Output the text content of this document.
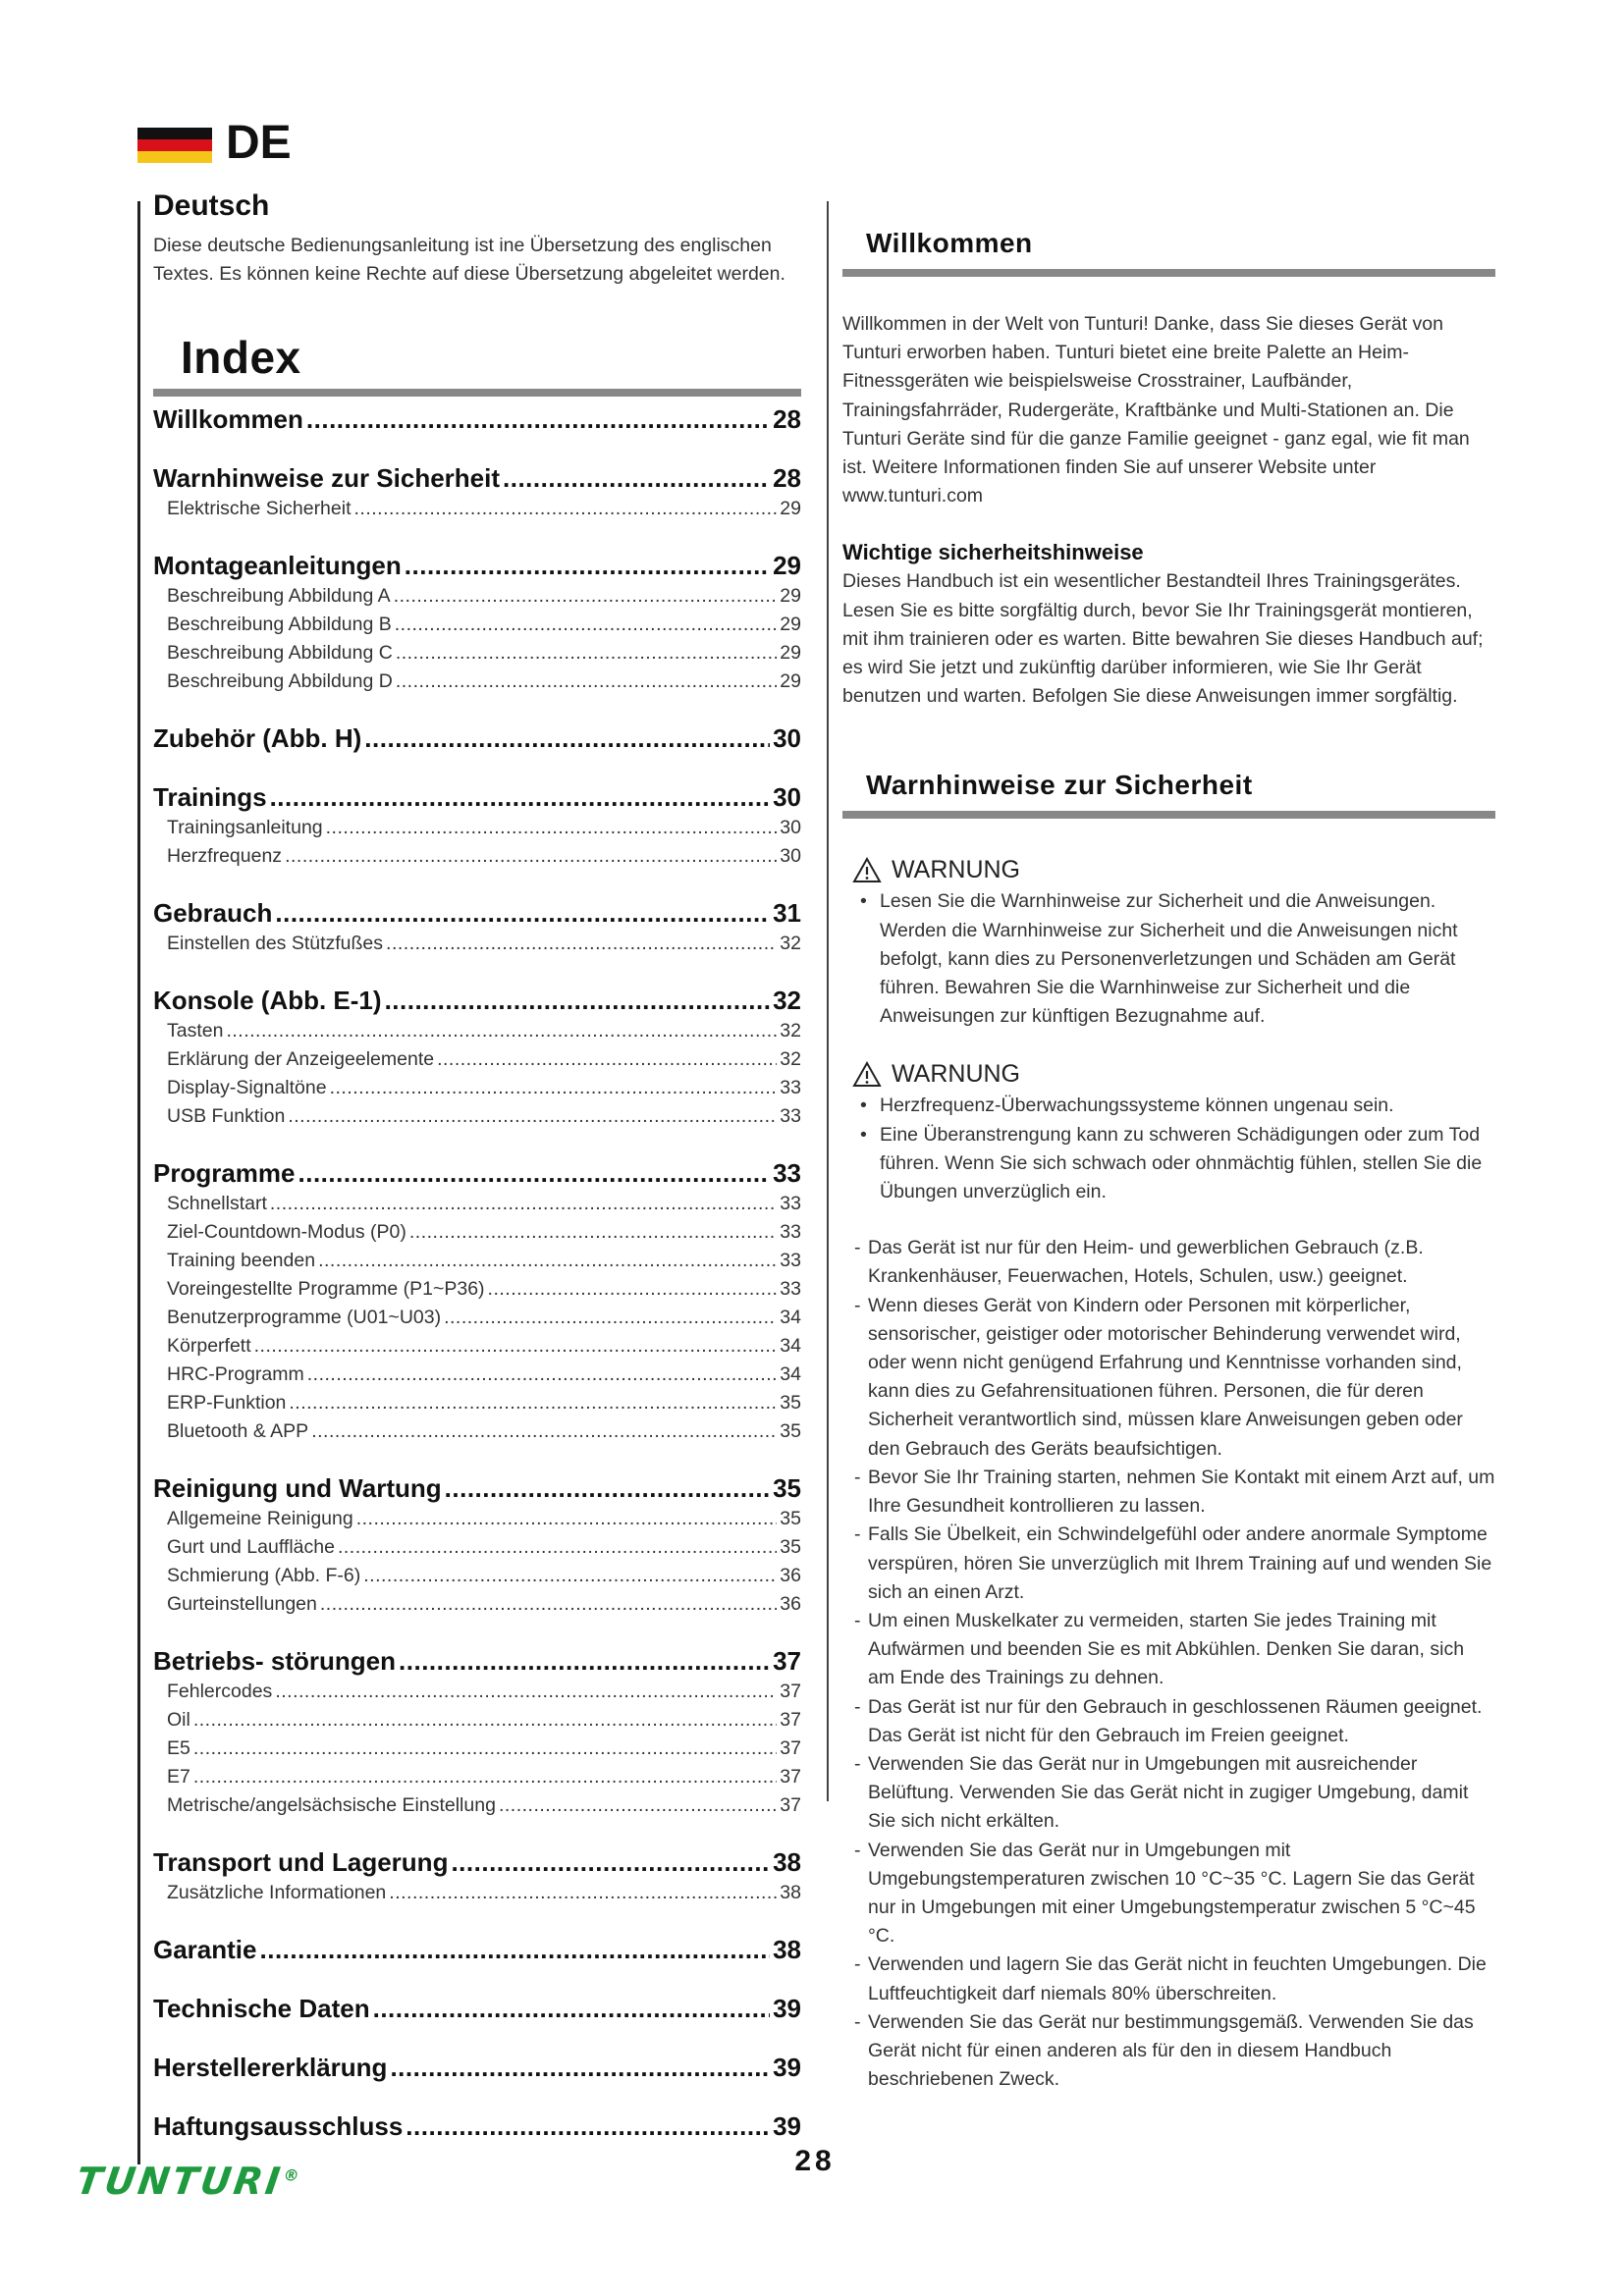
DE
Deutsch

Diese deutsche Bedienungsanleitung ist ine Übersetzung des englischen Textes. Es können keine Rechte auf diese Übersetzung abgeleitet werden.

Index
Willkommen .....	28
Warnhinweise zur Sicherheit .....	28
Elektrische Sicherheit .....	29
Montageanleitungen .....	29
Beschreibung Abbildung A .....	29
Beschreibung Abbildung B .....	29
Beschreibung Abbildung C .....	29
Beschreibung Abbildung D .....	29
Zubehör (Abb. H) .....	30
Trainings .....	30
Trainingsanleitung .....	30
Herzfrequenz .....	30
Gebrauch .....	31
Einstellen des Stützfußes .....	32
Konsole (Abb. E-1) .....	32
Tasten .....	32
Erklärung der Anzeigeelemente .....	32
Display-Signaltöne .....	33
USB Funktion .....	33
Programme .....	33
Schnellstart .....	33
Ziel-Countdown-Modus (P0) .....	33
Training beenden .....	33
Voreingestellte Programme (P1~P36) .....	33
Benutzerprogramme (U01~U03) .....	34
Körperfett .....	34
HRC-Programm .....	34
ERP-Funktion .....	35
Bluetooth & APP .....	35
Reinigung und Wartung .....	35
Allgemeine Reinigung .....	35
Gurt und Lauffläche .....	35
Schmierung (Abb. F-6) .....	36
Gurteinstellungen .....	36
Betriebs- störungen .....	37
Fehlercodes .....	37
Oil .....	37
E5 .....	37
E7 .....	37
Metrische/angelsächsische Einstellung .....	37
Transport und Lagerung .....	38
Zusätzliche Informationen .....	38
Garantie .....	38
Technische Daten .....	39
Herstellererklärung .....	39
Haftungsausschluss .....	39
Willkommen

Willkommen in der Welt von Tunturi! Danke, dass Sie dieses Gerät von Tunturi erworben haben. Tunturi bietet eine breite Palette an Heim-Fitnessgeräten wie beispielsweise Crosstrainer, Laufbänder, Trainingsfahrräder, Rudergeräte, Kraftbänke und Multi-Stationen an. Die Tunturi Geräte sind für die ganze Familie geeignet - ganz egal, wie fit man ist. Weitere Informationen finden Sie auf unserer Website unter www.tunturi.com

Wichtige sicherheitshinweise

Dieses Handbuch ist ein wesentlicher Bestandteil Ihres Trainingsgerätes. Lesen Sie es bitte sorgfältig durch, bevor Sie Ihr Trainingsgerät montieren, mit ihm trainieren oder es warten. Bitte bewahren Sie dieses Handbuch auf; es wird Sie jetzt und zukünftig darüber informieren, wie Sie Ihr Gerät benutzen und warten. Befolgen Sie diese Anweisungen immer sorgfältig.

Warnhinweise zur Sicherheit
WARNUNG
• Lesen Sie die Warnhinweise zur Sicherheit und die Anweisungen. Werden die Warnhinweise zur Sicherheit und die Anweisungen nicht befolgt, kann dies zu Personenverletzungen und Schäden am Gerät führen. Bewahren Sie die Warnhinweise zur Sicherheit und die Anweisungen zur künftigen Bezugnahme auf.
WARNUNG
• Herzfrequenz-Überwachungssysteme können ungenau sein.
• Eine Überanstrengung kann zu schweren Schädigungen oder zum Tod führen. Wenn Sie sich schwach oder ohnmächtig fühlen, stellen Sie die Übungen unverzüglich ein.
- Das Gerät ist nur für den Heim- und gewerblichen Gebrauch (z.B. Krankenhäuser, Feuerwachen, Hotels, Schulen, usw.) geeignet.
- Wenn dieses Gerät von Kindern oder Personen mit körperlicher, sensorischer, geistiger oder motorischer Behinderung verwendet wird, oder wenn nicht genügend Erfahrung und Kenntnisse vorhanden sind, kann dies zu Gefahrensituationen führen. Personen, die für deren Sicherheit verantwortlich sind, müssen klare Anweisungen geben oder den Gebrauch des Geräts beaufsichtigen.
- Bevor Sie Ihr Training starten, nehmen Sie Kontakt mit einem Arzt auf, um Ihre Gesundheit kontrollieren zu lassen.
- Falls Sie Übelkeit, ein Schwindelgefühl oder andere anormale Symptome verspüren, hören Sie unverzüglich mit Ihrem Training auf und wenden Sie sich an einen Arzt.
- Um einen Muskelkater zu vermeiden, starten Sie jedes Training mit Aufwärmen und beenden Sie es mit Abkühlen. Denken Sie daran, sich am Ende des Trainings zu dehnen.
- Das Gerät ist nur für den Gebrauch in geschlossenen Räumen geeignet. Das Gerät ist nicht für den Gebrauch im Freien geeignet.
- Verwenden Sie das Gerät nur in Umgebungen mit ausreichender Belüftung. Verwenden Sie das Gerät nicht in zugiger Umgebung, damit Sie sich nicht erkälten.
- Verwenden Sie das Gerät nur in Umgebungen mit Umgebungstemperaturen zwischen 10 °C~35 °C. Lagern Sie das Gerät nur in Umgebungen mit einer Umgebungstemperatur zwischen 5 °C~45 °C.
- Verwenden und lagern Sie das Gerät nicht in feuchten Umgebungen. Die Luftfeuchtigkeit darf niemals 80% überschreiten.
- Verwenden Sie das Gerät nur bestimmungsgemäß. Verwenden Sie das Gerät nicht für einen anderen als für den in diesem Handbuch beschriebenen Zweck.
TUNTURI®	28
